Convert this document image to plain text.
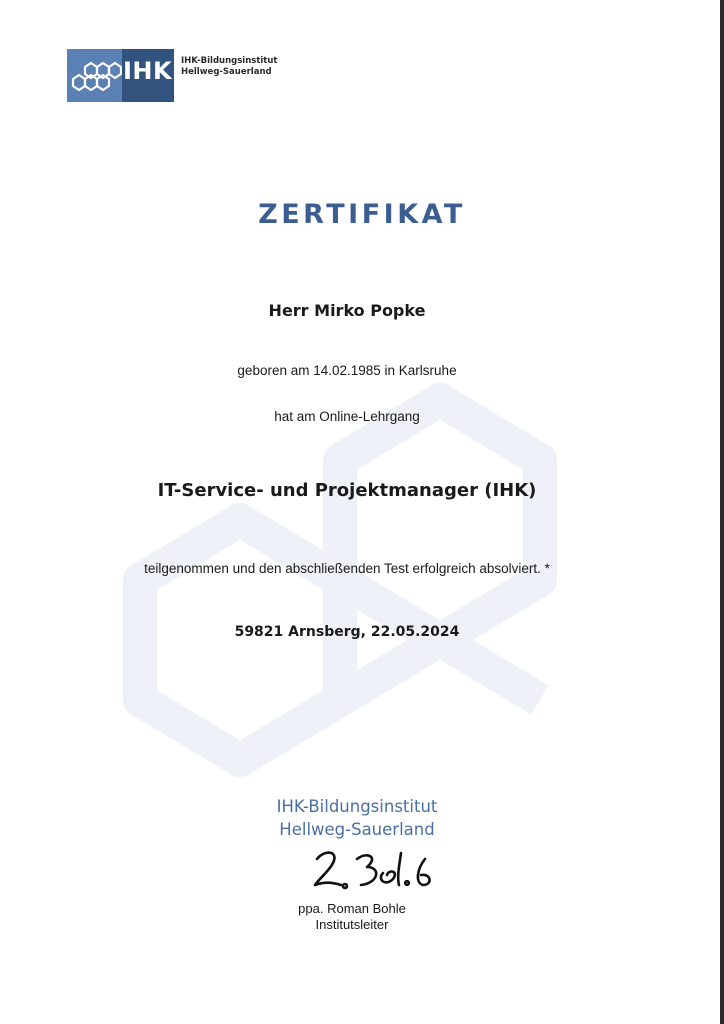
IHK IHK-Bildungsinstitut
Hellweg-Sauerland
ZERTIFIKAT
Herr Mirko Popke
geboren am 14.02.1985 in Karlsruhe
hat am Online-Lehrgang
IT-Service- und Projektmanager (IHK)
teilgenommen und den abschließenden Test erfolgreich absolviert. *
59821 Arnsberg, 22.05.2024
IHK-Bildungsinstitut
Hellweg-Sauerland
ppa. Roman Bohle
Institutsleiter
